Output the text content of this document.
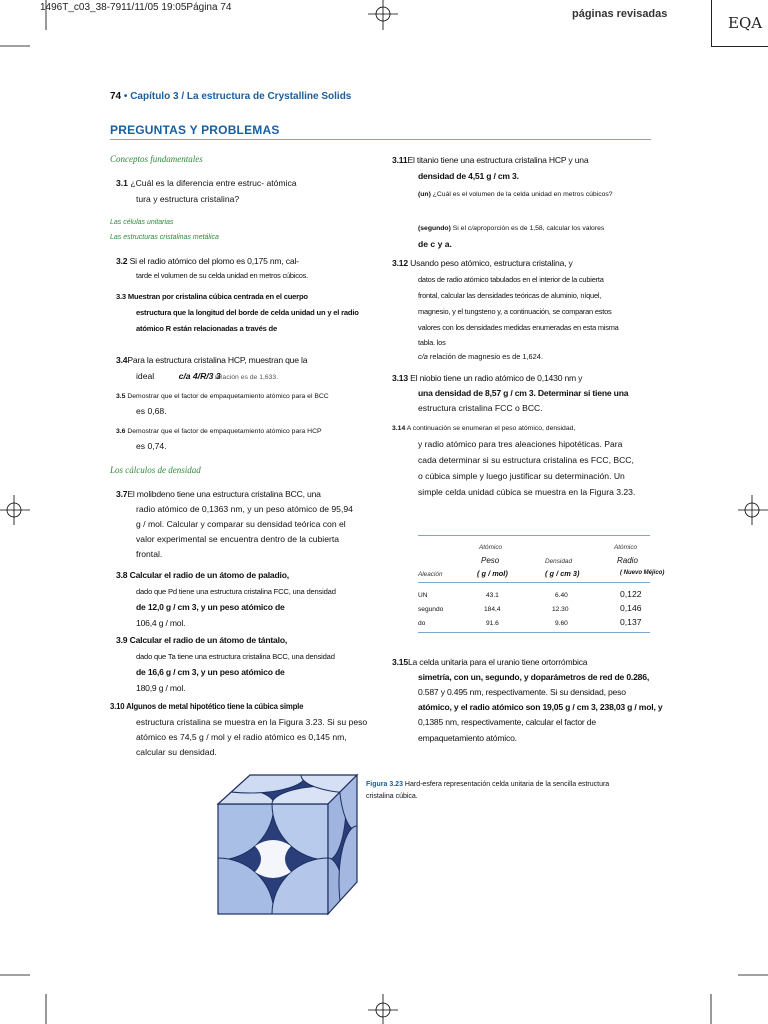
1496T_c03_38-7911/11/05 19:05Página 74
páginas revisadas	EQA
74 • Capítulo 3 / La estructura de Crystalline Solids
PREGUNTAS Y PROBLEMAS
Conceptos fundamentales
3.1 ¿Cuál es la diferencia entre estruc- atómica
tura y estructura cristalina?
Las células unitarias
Las estructuras cristalinas metálica
3.2 Si el radio atómico del plomo es 0,175 nm, cal-
tarde el volumen de su celda unidad en metros cúbicos.
3.3 Muestran por cristalina cúbica centrada en el cuerpo
estructura que la longitud del borde de celda unidad un y el radio
atómico R están relacionadas a través de
3.4Para la estructura cristalina HCP, muestran que la
ideal	c/a 4/R/3 3 relación es de 1,633.
3.5 Demostrar que el factor de empaquetamiento atómico para el BCC
es 0,68.
3.6 Demostrar que el factor de empaquetamiento atómico para HCP
es 0,74.
Los cálculos de densidad
3.7El molibdeno tiene una estructura cristalina BCC, una
radio atómico de 0,1363 nm, y un peso atómico de 95,94
g / mol. Calcular y comparar su densidad teórica con el
valor experimental se encuentra dentro de la cubierta
frontal.
3.8 Calcular el radio de un átomo de paladio,
dado que Pd tiene una estructura cristalina FCC, una densidad
de 12,0 g / cm 3, y un peso atómico de
106,4 g / mol.
3.9 Calcular el radio de un átomo de tántalo,
dado que Ta tiene una estructura cristalina BCC, una densidad
de 16,6 g / cm 3, y un peso atómico de
180,9 g / mol.
3.10 Algunos de metal hipotético tiene la cúbica simple
estructura cristalina se muestra en la Figura 3.23. Si su peso
atómico es 74,5 g / mol y el radio atómico es 0,145 nm,
calcular su densidad.
3.11El titanio tiene una estructura cristalina HCP y una
densidad de 4,51 g / cm 3.
(un) ¿Cuál es el volumen de la celda unidad en metros cúbicos?
(segundo) Si el c/aproporción es de 1,58, calcular los valores
de c y a.
3.12 Usando peso atómico, estructura cristalina, y
datos de radio atómico tabulados en el interior de la cubierta
frontal, calcular las densidades teóricas de aluminio, níquel,
magnesio, y el tungsteno y, a continuación, se comparan estos
valores con los densidades medidas enumeradas en esta misma
tabla. los
c/a relación de magnesio es de 1,624.
3.13 El niobio tiene un radio atómico de 0,1430 nm y
una densidad de 8,57 g / cm 3. Determinar si tiene una
estructura cristalina FCC o BCC.
3.14 A continuación se enumeran el peso atómico, densidad,
y radio atómico para tres aleaciones hipotéticas. Para
cada determinar si su estructura cristalina es FCC, BCC,
o cúbica simple y luego justificar su determinación. Un
simple celda unidad cúbica se muestra en la Figura 3.23.
Atómico	Atómico
Peso	Densidad	Radio
Aleación	( g / mol)	( g / cm 3)	( Nuevo Méjico)
UN	43.1	6.40	0,122
segundo	184,4	12.30	0,146
do	91.6	9.60	0,137
3.15La celda unitaria para el uranio tiene ortorrómbica
simetría, con un, segundo, y doparámetros de red de 0.286,
0.587 y 0.495 nm, respectivamente. Si su densidad, peso
atómico, y el radio atómico son 19,05 g / cm 3, 238,03 g / mol, y
0,1385 nm, respectivamente, calcular el factor de
empaquetamiento atómico.
Figura 3.23 Hard-esfera representación celda unitaria de la sencilla estructura
cristalina cúbica.
